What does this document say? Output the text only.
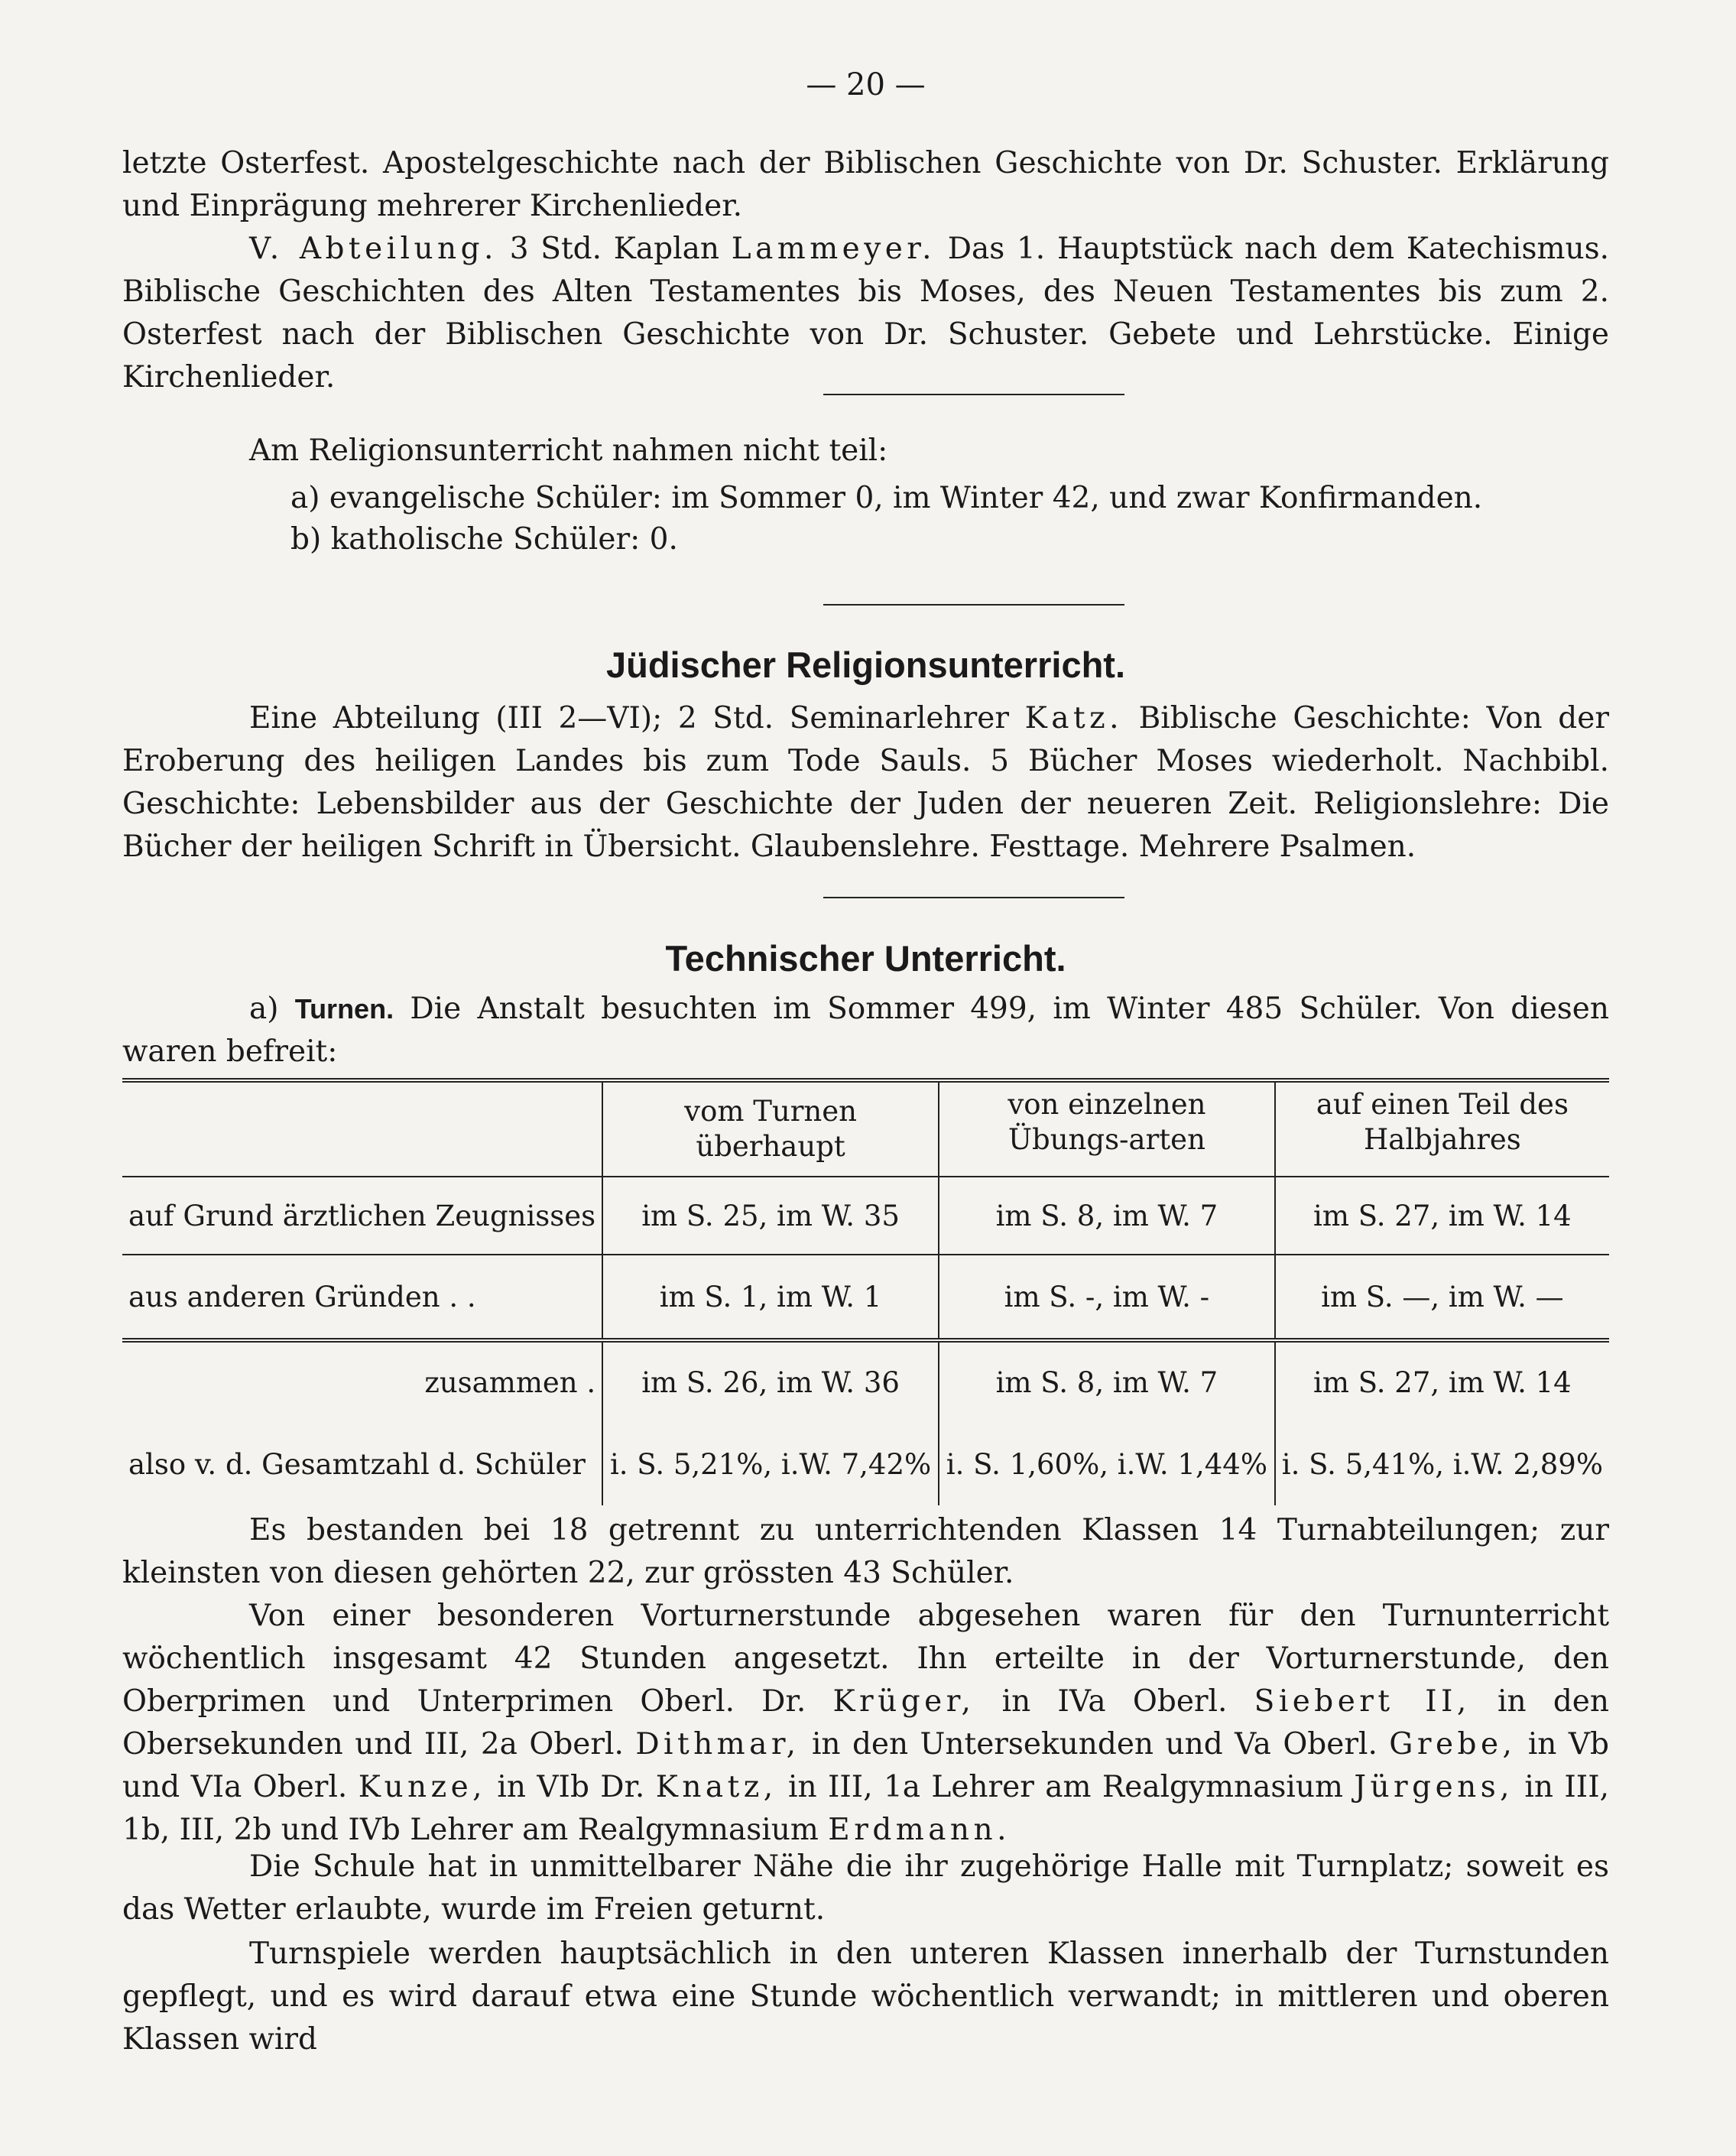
— 20 —
letzte Osterfest. Apostelgeschichte nach der Biblischen Geschichte von Dr. Schuster. Erklärung und Einprägung mehrerer Kirchenlieder.
V. Abteilung. 3 Std. Kaplan Lammeyer. Das 1. Hauptstück nach dem Katechismus. Biblische Geschichten des Alten Testamentes bis Moses, des Neuen Testamentes bis zum 2. Osterfest nach der Biblischen Geschichte von Dr. Schuster. Gebete und Lehrstücke. Einige Kirchenlieder.
Am Religionsunterricht nahmen nicht teil:
a) evangelische Schüler: im Sommer 0, im Winter 42, und zwar Konfirmanden.
b) katholische Schüler: 0.
Jüdischer Religionsunterricht.
Eine Abteilung (III 2—VI); 2 Std. Seminarlehrer Katz. Biblische Geschichte: Von der Eroberung des heiligen Landes bis zum Tode Sauls. 5 Bücher Moses wiederholt. Nachbibl. Geschichte: Lebensbilder aus der Geschichte der Juden der neueren Zeit. Religionslehre: Die Bücher der heiligen Schrift in Übersicht. Glaubenslehre. Festtage. Mehrere Psalmen.
Technischer Unterricht.
a) Turnen. Die Anstalt besuchten im Sommer 499, im Winter 485 Schüler. Von diesen waren befreit:
	vom Turnen überhaupt	von einzelnen Übungs-arten	auf einen Teil des Halbjahres
auf Grund ärztlichen Zeugnisses	im S. 25, im W. 35	im S. 8, im W. 7	im S. 27, im W. 14
aus anderen Gründen . .	im S. 1, im W. 1	im S. -, im W. -	im S. —, im W. —
zusammen .	im S. 26, im W. 36	im S. 8, im W. 7	im S. 27, im W. 14
also v. d. Gesamtzahl d. Schüler	i. S. 5,21%, i.W. 7,42%	i. S. 1,60%, i.W. 1,44%	i. S. 5,41%, i.W. 2,89%
Es bestanden bei 18 getrennt zu unterrichtenden Klassen 14 Turnabteilungen; zur kleinsten von diesen gehörten 22, zur grössten 43 Schüler.
Von einer besonderen Vorturnerstunde abgesehen waren für den Turnunterricht wöchentlich insgesamt 42 Stunden angesetzt. Ihn erteilte in der Vorturnerstunde, den Oberprimen und Unterprimen Oberl. Dr. Krüger, in IVa Oberl. Siebert II, in den Obersekunden und III, 2a Oberl. Dithmar, in den Untersekunden und Va Oberl. Grebe, in Vb und VIa Oberl. Kunze, in VIb Dr. Knatz, in III, 1a Lehrer am Realgymnasium Jürgens, in III, 1b, III, 2b und IVb Lehrer am Realgymnasium Erdmann.
Die Schule hat in unmittelbarer Nähe die ihr zugehörige Halle mit Turnplatz; soweit es das Wetter erlaubte, wurde im Freien geturnt.
Turnspiele werden hauptsächlich in den unteren Klassen innerhalb der Turnstunden gepflegt, und es wird darauf etwa eine Stunde wöchentlich verwandt; in mittleren und oberen Klassen wird
